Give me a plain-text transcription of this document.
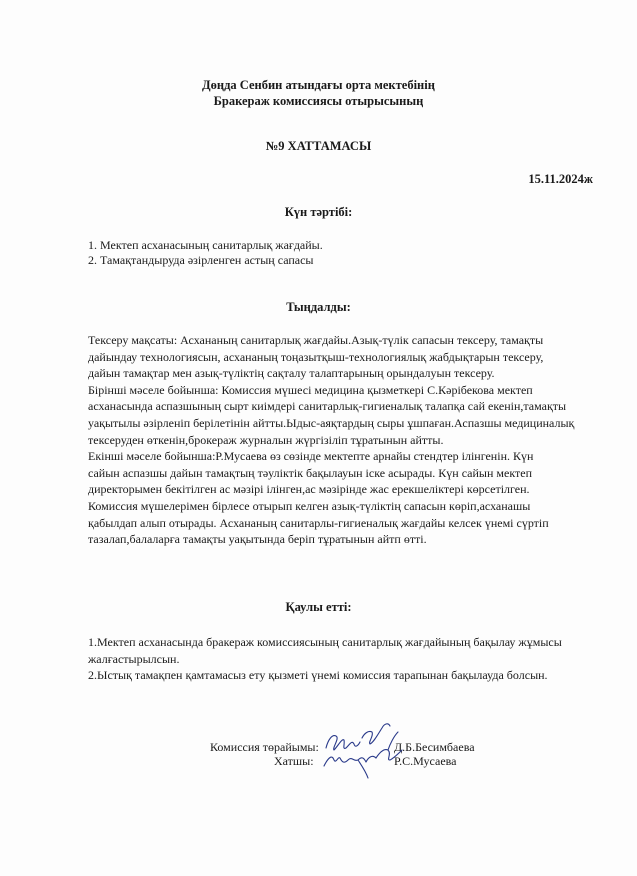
Дөңда Сенбин атындағы орта мектебінің
Бракераж комиссиясы отырысының
№9 ХАТТАМАСЫ
15.11.2024ж
Күн тәртібі:
1. Мектеп асханасының санитарлық жағдайы.
2. Тамақтандыруда әзірленген астың сапасы
Тыңдалды:

Тексеру мақсаты: Асхананың санитарлық жағдайы.Азық-түлік сапасын тексеру, тамақты

дайындау технологиясын, асхананың тоңазытқыш-технологиялық жабдықтарын тексеру,

дайын тамақтар мен азық-түліктің сақталу талаптарының орындалуын тексеру.

Бірінші мәселе бойынша: Комиссия мүшесі медицина қызметкері С.Кәрібекова мектеп

асханасында аспазшының сырт киімдері санитарлық-гигиеналық талапқа сай екенін,тамақты

уақытылы әзірленіп берілетінін айтты.Ыдыс-аяқтардың сыры ұшпаған.Аспазшы медициналық

тексеруден өткенін,брокераж журналын жүргізіліп тұратынын айтты.

Екінші мәселе бойынша:Р.Мусаева өз сөзінде мектепте арнайы стендтер ілінгенін. Күн

сайын аспазшы дайын тамақтың тәуліктік бақылауын іске асырады. Күн сайын мектеп

директорымен бекітілген ас мәзірі ілінген,ас мәзірінде жас ерекшеліктері көрсетілген.

Комиссия мүшелерімен бірлесе отырып келген азық-түліктің сапасын көріп,асханашы

қабылдап алып отырады. Асхананың санитарлы-гигиеналық жағдайы келсек үнемі сүртіп

тазалап,балаларға тамақты уақытында беріп тұратынын айтп өтті.

Қаулы етті:

1.Мектеп асханасында бракераж комиссиясының санитарлық жағдайының бақылау жұмысы

жалғастырылсын.

2.Ыстық тамақпен қамтамасыз ету қызметі үнемі комиссия тарапынан бақылауда болсын.

Комиссия төрайымы:
Хатшы:
Д.Б.Бесимбаева
Р.С.Мусаева
